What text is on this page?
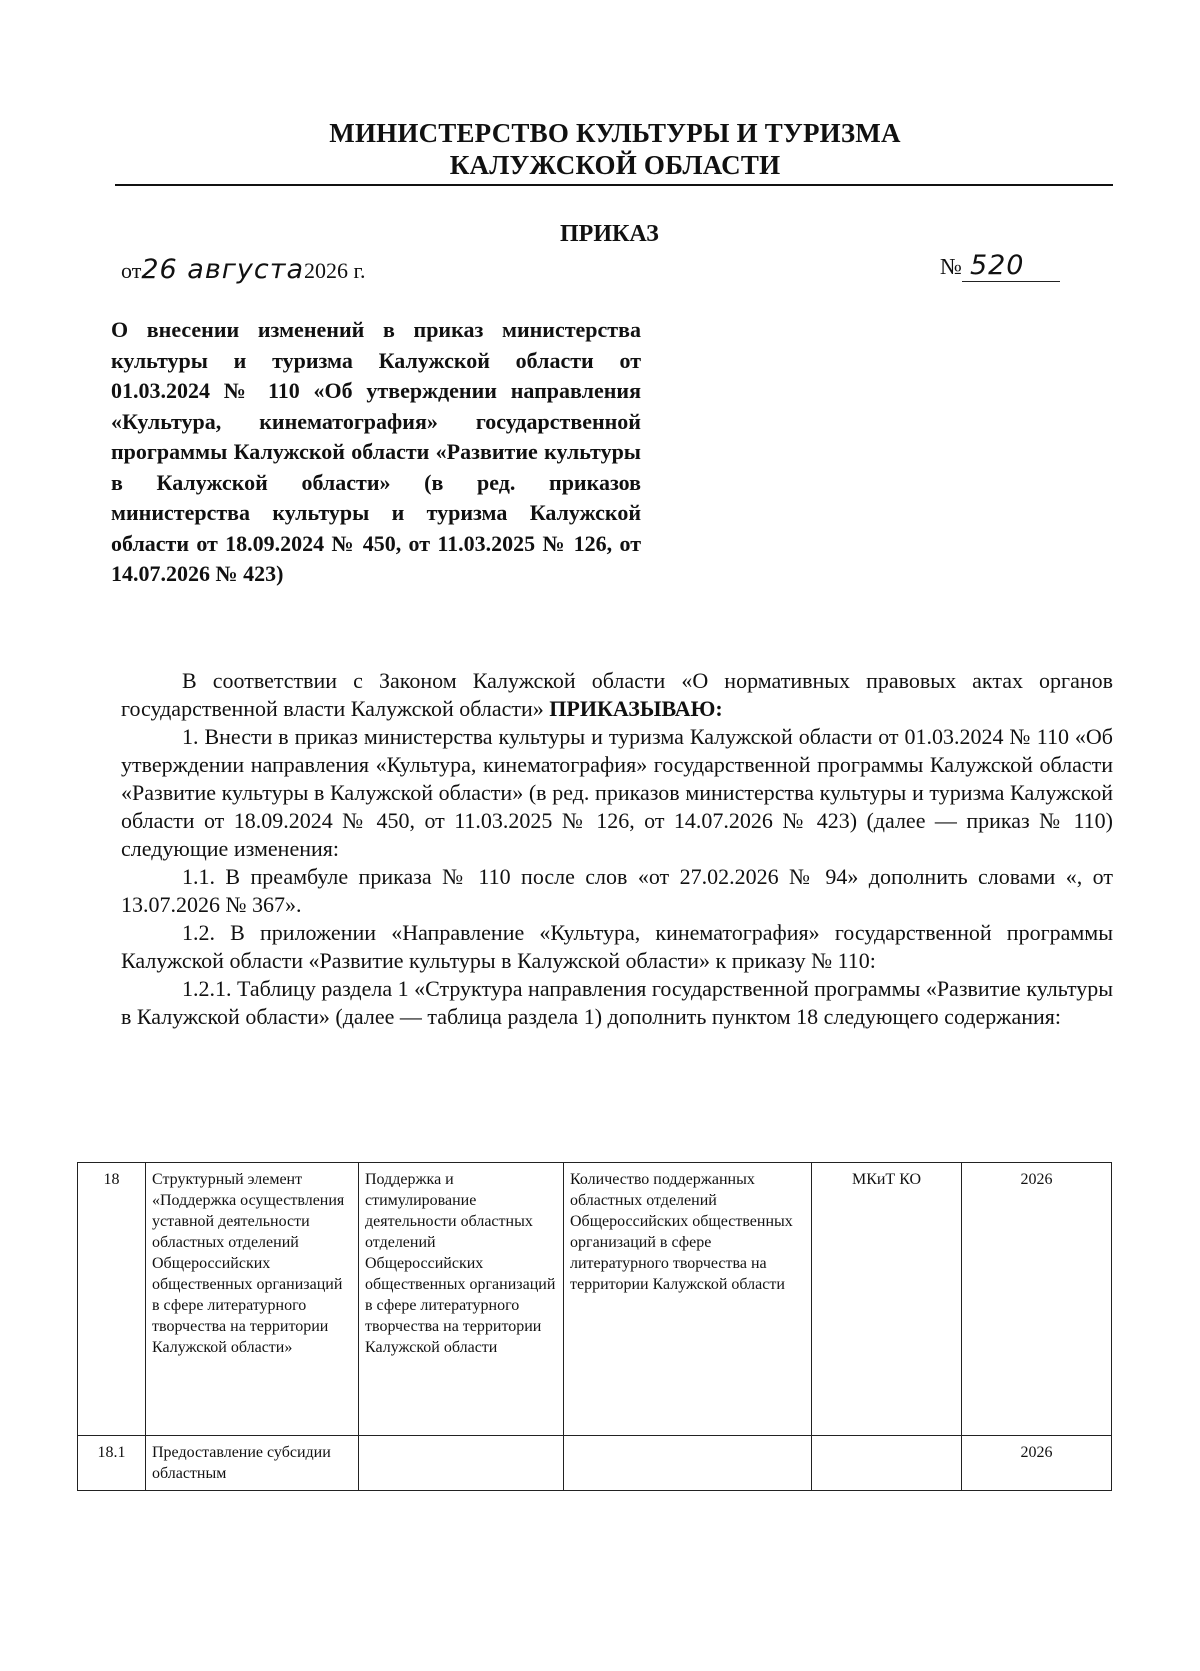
МИНИСТЕРСТВО КУЛЬТУРЫ И ТУРИЗМА
КАЛУЖСКОЙ ОБЛАСТИ
ПРИКАЗ
от26 августа2026 г.	№ 520
О внесении изменений в приказ министерства культуры и туризма Калужской области от 01.03.2024 № 110 «Об утверждении направления «Культура, кинематография» государственной программы Калужской области «Развитие культуры в Калужской области» (в ред. приказов министерства культуры и туризма Калужской области от 18.09.2024 № 450, от 11.03.2025 № 126, от 14.07.2026 № 423)

В соответствии с Законом Калужской области «О нормативных правовых актах органов государственной власти Калужской области» ПРИКАЗЫВАЮ:

1. Внести в приказ министерства культуры и туризма Калужской области от 01.03.2024 № 110 «Об утверждении направления «Культура, кинематография» государственной программы Калужской области «Развитие культуры в Калужской области» (в ред. приказов министерства культуры и туризма Калужской области от 18.09.2024 № 450, от 11.03.2025 № 126, от 14.07.2026 № 423) (далее — приказ № 110) следующие изменения:

1.1. В преамбуле приказа № 110 после слов «от 27.02.2026 № 94» дополнить словами «, от 13.07.2026 № 367».

1.2. В приложении «Направление «Культура, кинематография» государственной программы Калужской области «Развитие культуры в Калужской области» к приказу № 110:

1.2.1. Таблицу раздела 1 «Структура направления государственной программы «Развитие культуры в Калужской области» (далее — таблица раздела 1) дополнить пунктом 18 следующего содержания:

18	Структурный элемент «Поддержка осуществления уставной деятельности областных отделений Общероссийских общественных организаций в сфере литературного творчества на территории Калужской области»	Поддержка и стимулирование деятельности областных отделений Общероссийских общественных организаций в сфере литературного творчества на территории Калужской области	Количество поддержанных областных отделений Общероссийских общественных организаций в сфере литературного творчества на территории Калужской области	МКиТ КО	2026
18.1	Предоставление субсидии областным				2026
